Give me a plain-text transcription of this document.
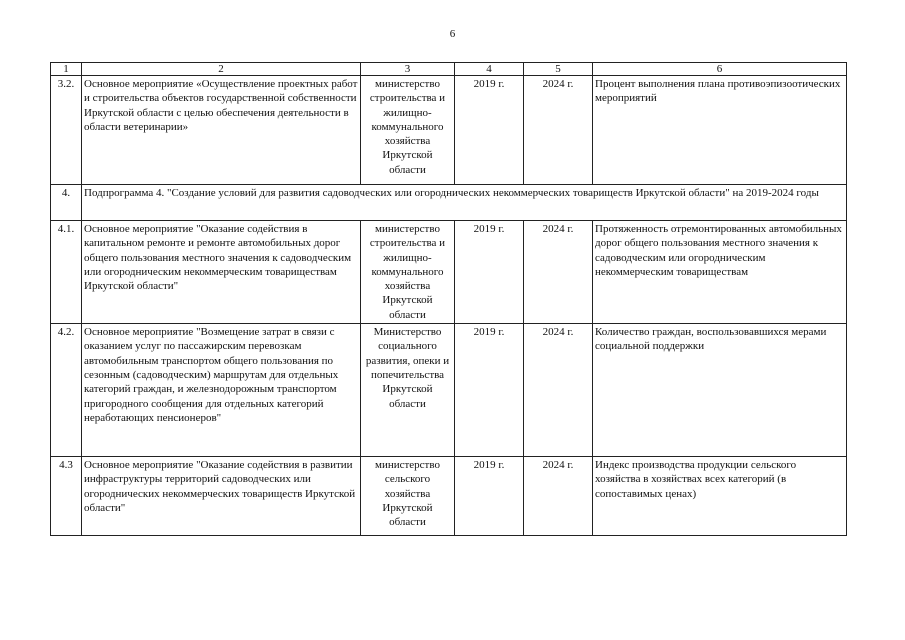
6
1	2	3	4	5	6
3.2.	Основное мероприятие «Осуществление проектных работ и строительства объектов государственной собственности Иркутской области с целью обеспечения деятельности в области ветеринарии»	министерство строительства и жилищно-коммунального хозяйства Иркутской области	2019 г.	2024 г.	Процент выполнения плана противоэпизоотических мероприятий
4.	Подпрограмма 4. "Создание условий для развития садоводческих или огороднических некоммерческих товариществ Иркутской области" на 2019-2024 годы				
4.1.	Основное мероприятие "Оказание содействия в капитальном ремонте и ремонте автомобильных дорог общего пользования местного значения к садоводческим или огородническим некоммерческим товариществам Иркутской области"	министерство строительства и жилищно-коммунального хозяйства Иркутской области	2019 г.	2024 г.	Протяженность отремонтированных автомобильных дорог общего пользования местного значения к садоводческим или огородническим некоммерческим товариществам
4.2.	Основное мероприятие "Возмещение затрат в связи с оказанием услуг по пассажирским перевозкам автомобильным транспортом общего пользования по сезонным (садоводческим) маршрутам для отдельных категорий граждан, и железнодорожным транспортом пригородного сообщения для отдельных категорий неработающих пенсионеров"	Министерство социального развития, опеки и попечительства Иркутской области	2019 г.	2024 г.	Количество граждан, воспользовавшихся мерами социальной поддержки
4.3	Основное мероприятие "Оказание содействия в развитии инфраструктуры территорий садоводческих или огороднических некоммерческих товариществ Иркутской области"	министерство сельского хозяйства Иркутской области	2019 г.	2024 г.	Индекс производства продукции сельского хозяйства в хозяйствах всех категорий (в сопоставимых ценах)
